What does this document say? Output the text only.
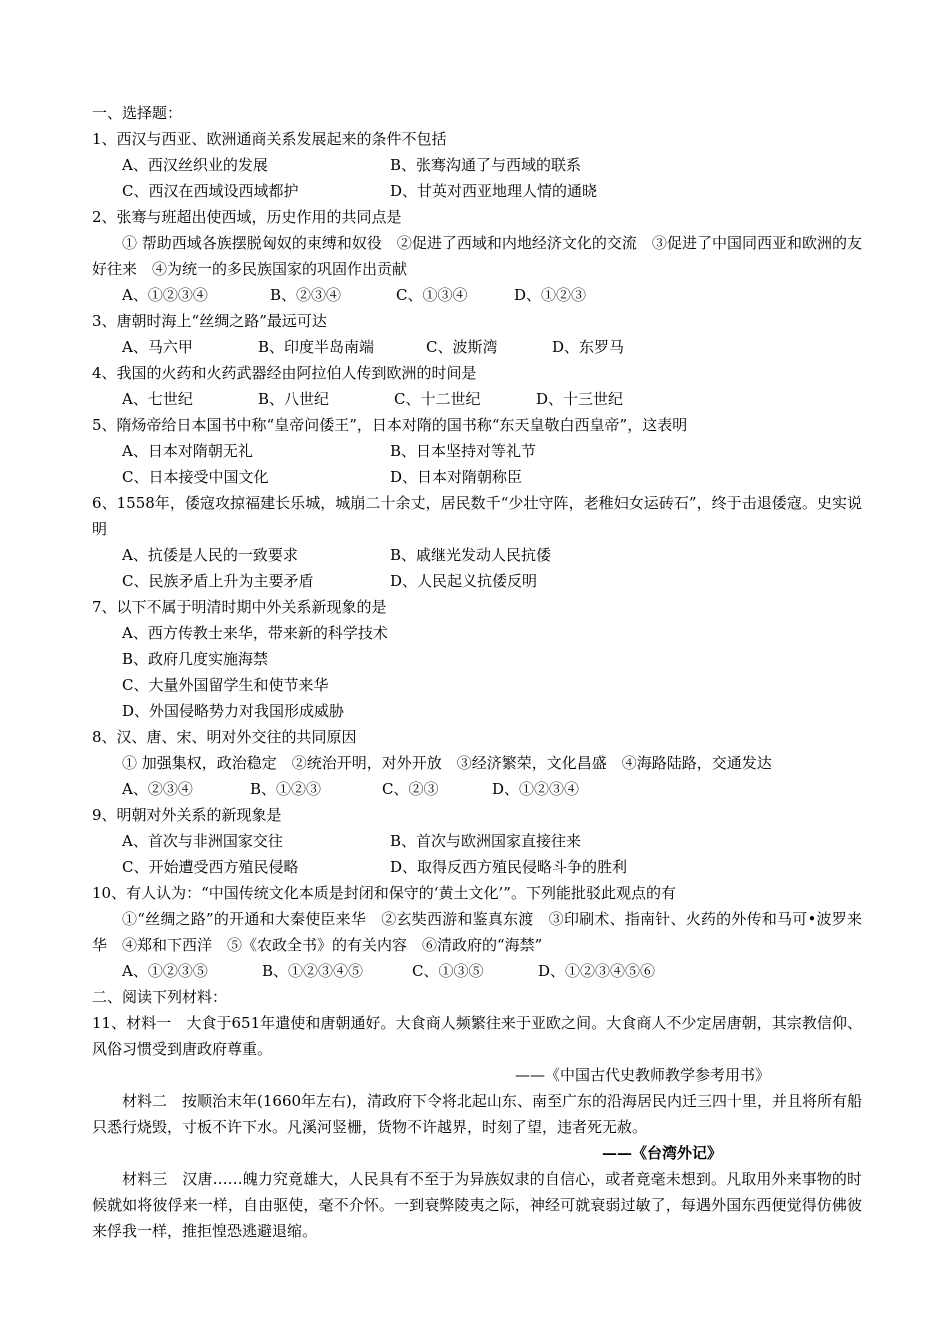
一、选择题：
1、西汉与西亚、欧洲通商关系发展起来的条件不包括
A、西汉丝织业的发展	B、张骞沟通了与西域的联系
C、西汉在西域设西域都护	D、甘英对西亚地理人情的通晓
2、张骞与班超出使西域，历史作用的共同点是
① 帮助西域各族摆脱匈奴的束缚和奴役　②促进了西域和内地经济文化的交流　③促进了中国同西亚和欧洲的友好往来　④为统一的多民族国家的巩固作出贡献
A、①②③④	B、②③④	C、①③④	D、①②③
3、唐朝时海上“丝绸之路”最远可达
A、马六甲	B、印度半岛南端	C、波斯湾	D、东罗马
4、我国的火药和火药武器经由阿拉伯人传到欧洲的时间是
A、七世纪	B、八世纪	C、十二世纪	D、十三世纪
5、隋炀帝给日本国书中称“皇帝问倭王”，日本对隋的国书称“东天皇敬白西皇帝”，这表明
A、日本对隋朝无礼	B、日本坚持对等礼节
C、日本接受中国文化	D、日本对隋朝称臣
6、1558年，倭寇攻掠福建长乐城，城崩二十余丈，居民数千“少壮守阵，老稚妇女运砖石”，终于击退倭寇。史实说明
A、抗倭是人民的一致要求	B、戚继光发动人民抗倭
C、民族矛盾上升为主要矛盾	D、人民起义抗倭反明
7、以下不属于明清时期中外关系新现象的是
A、西方传教士来华，带来新的科学技术
B、政府几度实施海禁
C、大量外国留学生和使节来华
D、外国侵略势力对我国形成威胁
8、汉、唐、宋、明对外交往的共同原因
① 加强集权，政治稳定　②统治开明，对外开放　③经济繁荣，文化昌盛　④海路陆路，交通发达
A、②③④	B、①②③	C、②③	D、①②③④
9、明朝对外关系的新现象是
A、首次与非洲国家交往	B、首次与欧洲国家直接往来
C、开始遭受西方殖民侵略	D、取得反西方殖民侵略斗争的胜利
10、有人认为：“中国传统文化本质是封闭和保守的‘黄土文化’”。下列能批驳此观点的有
①“丝绸之路”的开通和大秦使臣来华　②玄奘西游和鉴真东渡　③印刷术、指南针、火药的外传和马可•波罗来华　④郑和下西洋　⑤《农政全书》的有关内容　⑥清政府的“海禁”
A、①②③⑤	B、①②③④⑤	C、①③⑤	D、①②③④⑤⑥
二、阅读下列材料：
11、材料一　大食于651年遣使和唐朝通好。大食商人频繁往来于亚欧之间。大食商人不少定居唐朝，其宗教信仰、风俗习惯受到唐政府尊重。
——《中国古代史教师教学参考用书》
材料二　按顺治末年(1660年左右)，清政府下令将北起山东、南至广东的沿海居民内迁三四十里，并且将所有船只悉行烧毁，寸板不许下水。凡溪河竖栅，货物不许越界，时刻了望，违者死无赦。
——《台湾外记》
材料三　汉唐……魄力究竟雄大，人民具有不至于为异族奴隶的自信心，或者竟毫未想到。凡取用外来事物的时候就如将彼俘来一样，自由驱使，毫不介怀。一到衰弊陵夷之际，神经可就衰弱过敏了，每遇外国东西便觉得仿佛彼来俘我一样，推拒惶恐逃避退缩。
